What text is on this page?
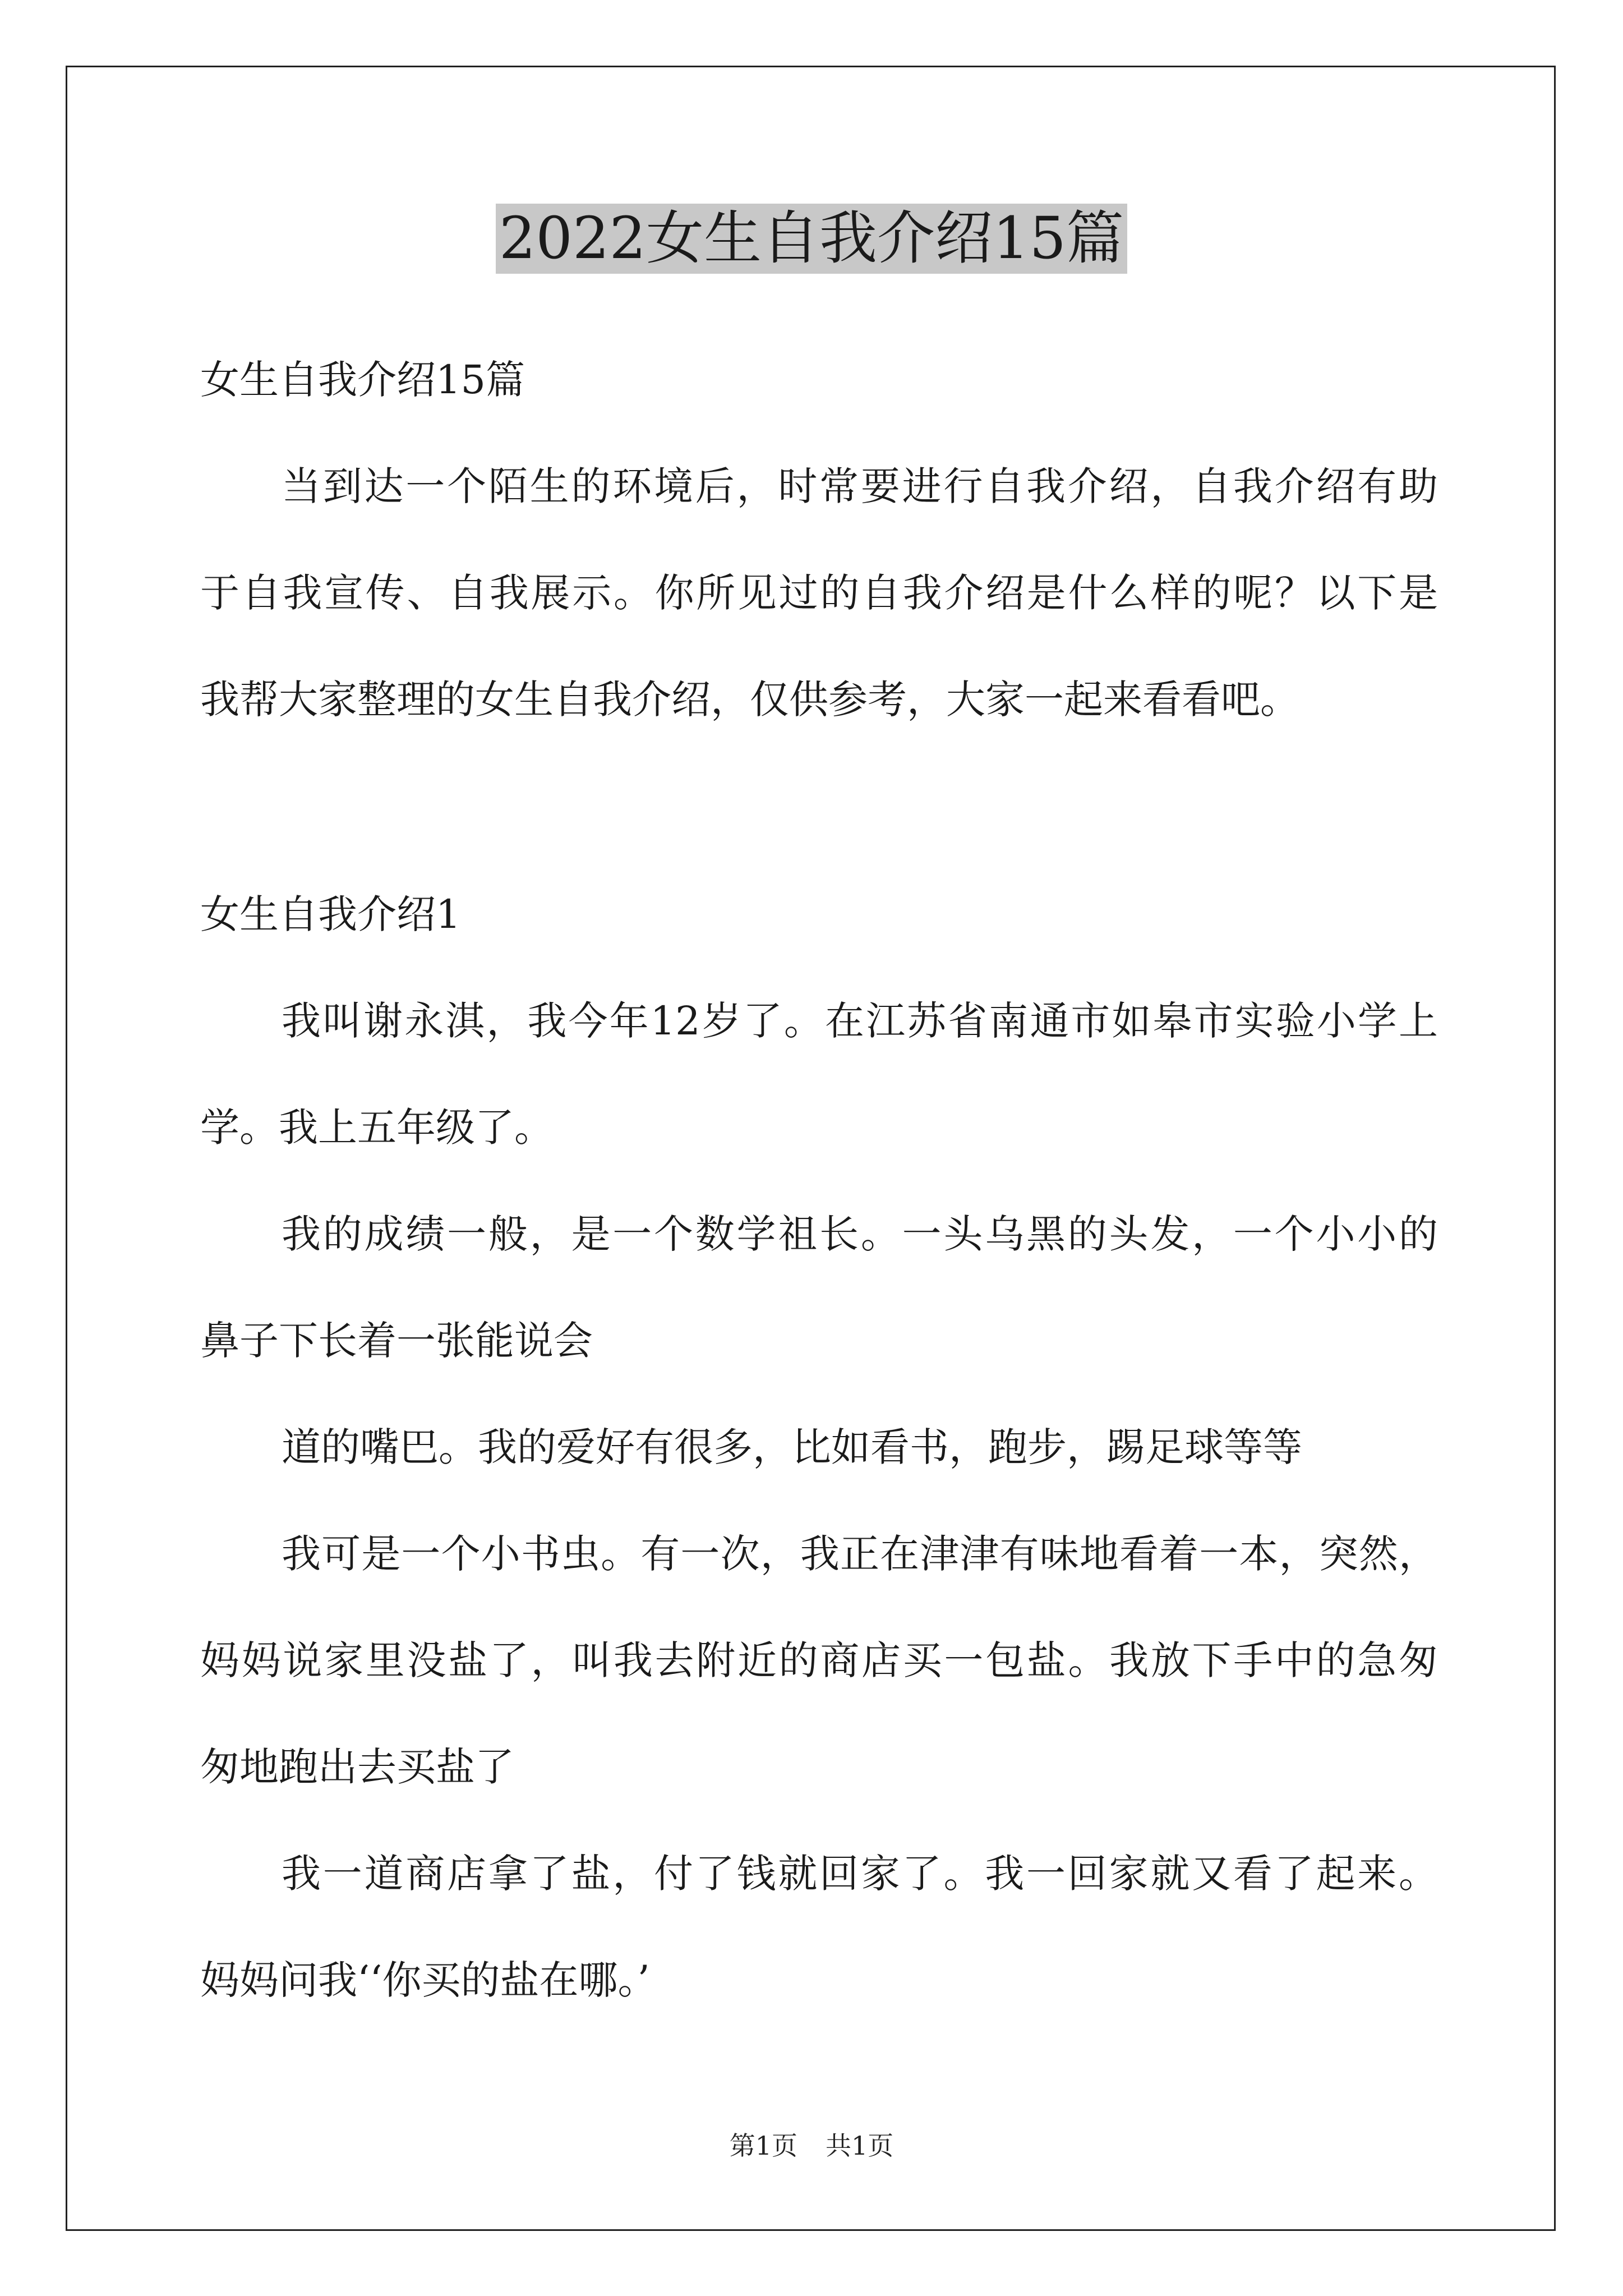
2022女生自我介绍15篇
女生自我介绍15篇
当到达一个陌生的环境后，时常要进行自我介绍，自我介绍有助
于自我宣传、自我展示。你所见过的自我介绍是什么样的呢？以下是
我帮大家整理的女生自我介绍，仅供参考，大家一起来看看吧。
女生自我介绍1
我叫谢永淇，我今年12岁了。在江苏省南通市如皋市实验小学上
学。我上五年级了。
我的成绩一般，是一个数学祖长。一头乌黑的头发，一个小小的
鼻子下长着一张能说会
道的嘴巴。我的爱好有很多，比如看书，跑步，踢足球等等
我可是一个小书虫。有一次，我正在津津有味地看着一本，突然，
妈妈说家里没盐了，叫我去附近的商店买一包盐。我放下手中的急匆
匆地跑出去买盐了
我一道商店拿了盐，付了钱就回家了。我一回家就又看了起来。
妈妈问我‘‘你买的盐在哪。’
第1页 共1页
